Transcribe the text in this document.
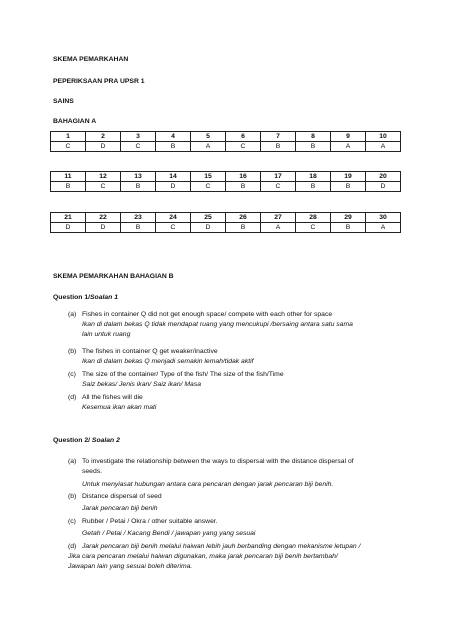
SKEMA PEMARKAHAN
PEPERIKSAAN PRA UPSR 1
SAINS
BAHAGIAN A
1	2	3	4	5	6	7	8	9	10
C	D	C	B	A	C	B	B	A	A
11	12	13	14	15	16	17	18	19	20
B	C	B	D	C	B	C	B	B	D
21	22	23	24	25	26	27	28	29	30
D	D	B	C	D	B	A	C	B	A
SKEMA PEMARKAHAN BAHAGIAN B
Question 1/Soalan 1
(a) Fishes in container Q did not get enough space/ compete with each other for space
Ikan di dalam bekas Q tidak mendapat ruang yang mencukupi /bersaing antara satu sama
lain untuk ruang
(b) The fishes in container Q get weaker/inactive
Ikan di dalam bekas Q menjadi semakin lemah/tidak aktif
(c) The size of the container/ Type of the fish/ The size of the fish/Time
Saiz bekas/ Jenis ikan/ Saiz ikan/ Masa
(d) All the fishes will die
Kesemua ikan akan mati
Question 2/ Soalan 2
(a) To investigate the relationship between the ways to dispersal with the distance dispersal of
seeds.
Untuk menyiasat hubungan antara cara pencaran dengan jarak pencaran biji benih.
(b) Distance dispersal of seed
Jarak pencaran biji benih
(c) Rubber / Petai / Okra / other suitable answer.
Getah / Petai / Kacang Bendi / jawapan yang yang sesuai
(d) Jarak pencaran biji benih melalui haiwan lebih jauh berbanding dengan mekanisme letupan /
Jika cara pencaran melalui haiwan digunakan, maka jarak pencaran biji benih bertambah/
Jawapan lain yang sesuai boleh diterima.
